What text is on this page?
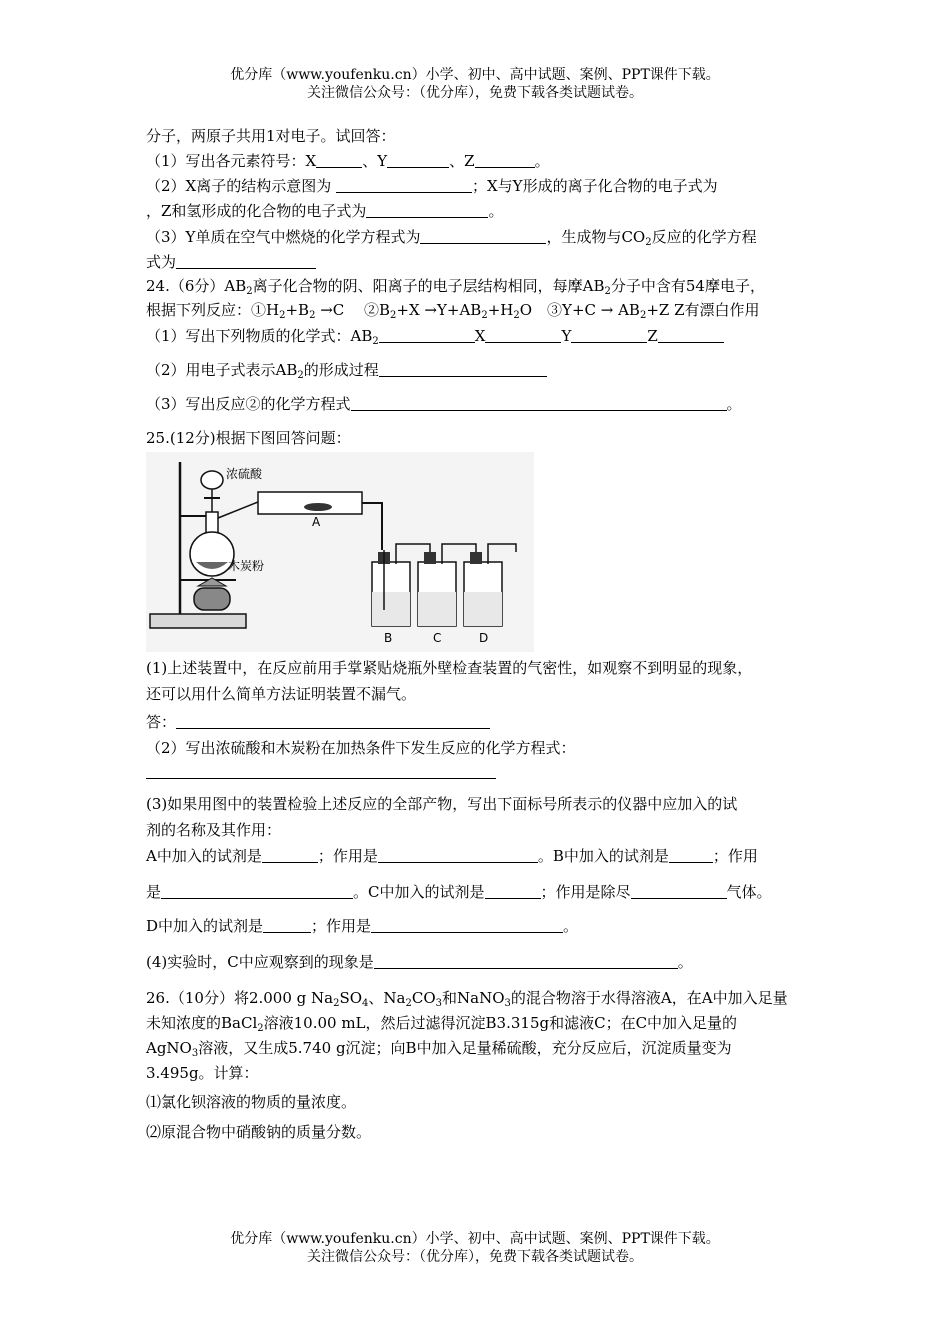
优分库（www.youfenku.cn）小学、初中、高中试题、案例、PPT课件下载。
关注微信公众号：（优分库），免费下载各类试题试卷。
分子，两原子共用1对电子。试回答：
（1）写出各元素符号：X	、Y	、Z	。
（2）X离子的结构示意图为	；X与Y形成的离子化合物的电子式为
，Z和氢形成的化合物的电子式为	。
（3）Y单质在空气中燃烧的化学方程式为	，生成物与$CO_2$反应的化学方程
式为
24.（6分）$AB_2$离子化合物的阴、阳离子的电子层结构相同，每摩$AB_2$分子中含有54摩电子，
根据下列反应：$①H_2+B_2 \to C$　 $②B_2+X \to Y+AB_2+H_2O$　③Y+C → $AB_2+Z$ Z有漂白作用
（1）写出下列物质的化学式：$AB_2$	X	Y	Z
（2）用电子式表示$AB_2$的形成过程
（3）写出反应②的化学方程式	。
25.(12分)根据下图回答问题：
浓硫酸
木炭粉
A
B	C	D
(1)上述装置中，在反应前用手掌紧贴烧瓶外壁检查装置的气密性，如观察不到明显的现象，
还可以用什么简单方法证明装置不漏气。
答：
（2）写出浓硫酸和木炭粉在加热条件下发生反应的化学方程式：
(3)如果用图中的装置检验上述反应的全部产物，写出下面标号所表示的仪器中应加入的试
剂的名称及其作用：
A中加入的试剂是	；作用是	。B中加入的试剂是	；作用
是	。C中加入的试剂是	；作用是除尽	气体。
D中加入的试剂是	；作用是	。
(4)实验时，C中应观察到的现象是	。
26.（10分）将2.000 g $Na_2SO_4$、$Na_2CO_3$和NaNO$_3$的混合物溶于水得溶液A，在A中加入足量
未知浓度的BaCl$_2$溶液10.00 mL，然后过滤得沉淀B3.315g和滤液C；在C中加入足量的
AgNO$_3$溶液，又生成5.740 g沉淀；向B中加入足量稀硫酸，充分反应后，沉淀质量变为
3.495g。计算：
⑴氯化钡溶液的物质的量浓度。
⑵原混合物中硝酸钠的质量分数。
优分库（www.youfenku.cn）小学、初中、高中试题、案例、PPT课件下载。
关注微信公众号：（优分库），免费下载各类试题试卷。
